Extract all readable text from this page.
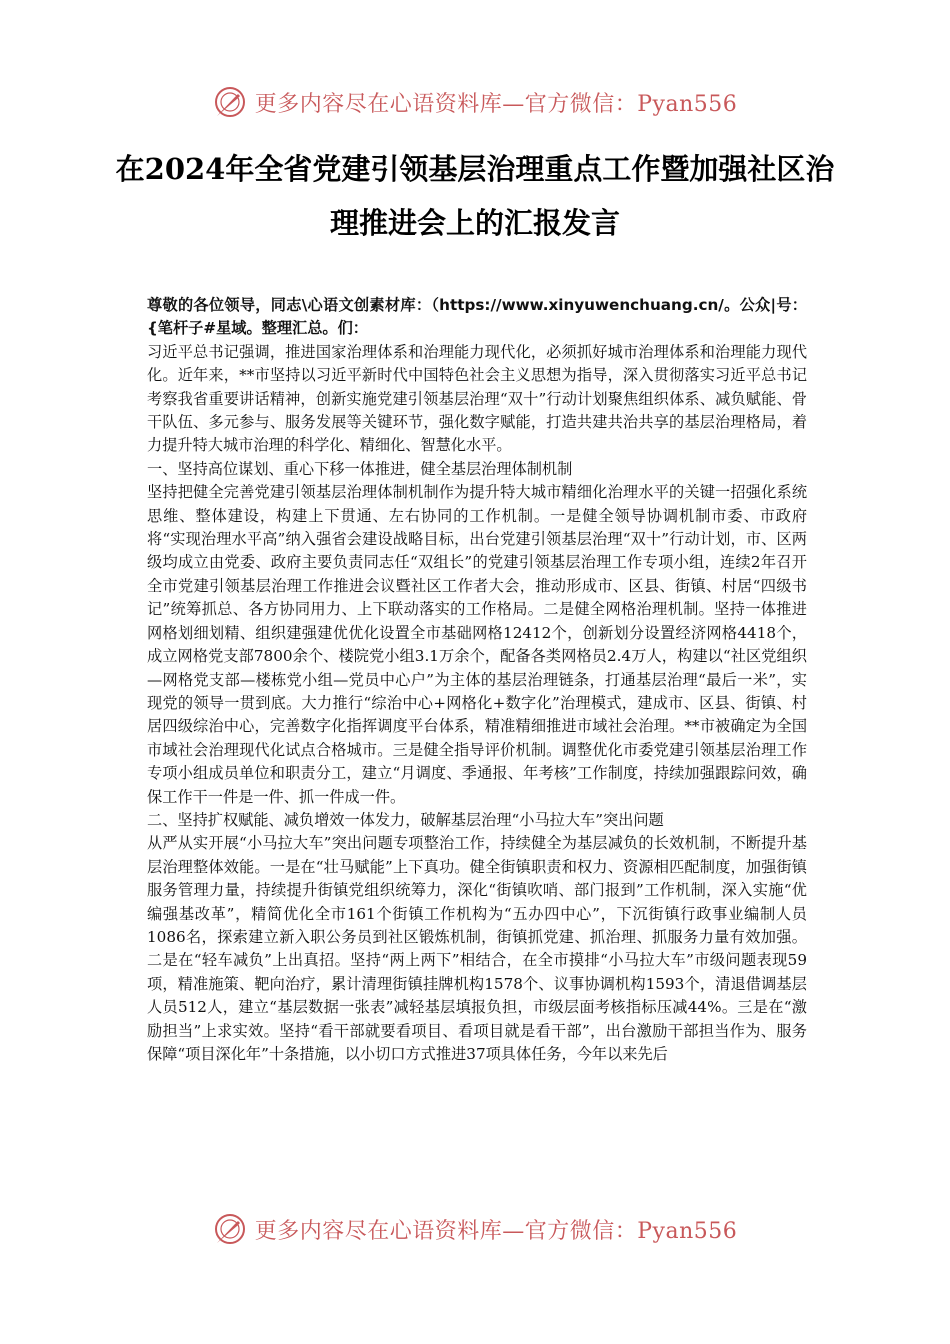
更多内容尽在心语资料库—官方微信：Pyan556
在2024年全省党建引领基层治理重点工作暨加强社区治理推进会上的汇报发言

尊敬的各位领导，同志\心语文创素材库：（https://www.xinyuwenchuang.cn/。公众|号：{笔杆子#星域。整理汇总。们：

习近平总书记强调，推进国家治理体系和治理能力现代化，必须抓好城市治理体系和治理能力现代化。近年来，**市坚持以习近平新时代中国特色社会主义思想为指导，深入贯彻落实习近平总书记考察我省重要讲话精神，创新实施党建引领基层治理“双十”行动计划聚焦组织体系、减负赋能、骨干队伍、多元参与、服务发展等关键环节，强化数字赋能，打造共建共治共享的基层治理格局，着力提升特大城市治理的科学化、精细化、智慧化水平。

一、坚持高位谋划、重心下移一体推进，健全基层治理体制机制

坚持把健全完善党建引领基层治理体制机制作为提升特大城市精细化治理水平的关键一招强化系统思维、整体建设，构建上下贯通、左右协同的工作机制。一是健全领导协调机制市委、市政府将“实现治理水平高”纳入强省会建设战略目标，出台党建引领基层治理“双十”行动计划，市、区两级均成立由党委、政府主要负责同志任“双组长”的党建引领基层治理工作专项小组，连续2年召开全市党建引领基层治理工作推进会议暨社区工作者大会，推动形成市、区县、街镇、村居“四级书记”统筹抓总、各方协同用力、上下联动落实的工作格局。二是健全网格治理机制。坚持一体推进网格划细划精、组织建强建优优化设置全市基础网格12412个，创新划分设置经济网格4418个，成立网格党支部7800余个、楼院党小组3.1万余个，配备各类网格员2.4万人，构建以“社区党组织—网格党支部—楼栋党小组—党员中心户”为主体的基层治理链条，打通基层治理“最后一米”，实现党的领导一贯到底。大力推行“综治中心+网格化+数字化”治理模式，建成市、区县、街镇、村居四级综治中心，完善数字化指挥调度平台体系，精准精细推进市域社会治理。**市被确定为全国市域社会治理现代化试点合格城市。三是健全指导评价机制。调整优化市委党建引领基层治理工作专项小组成员单位和职责分工，建立“月调度、季通报、年考核”工作制度，持续加强跟踪问效，确保工作干一件是一件、抓一件成一件。

二、坚持扩权赋能、减负增效一体发力，破解基层治理“小马拉大车”突出问题

从严从实开展“小马拉大车”突出问题专项整治工作，持续健全为基层减负的长效机制，不断提升基层治理整体效能。一是在“壮马赋能”上下真功。健全街镇职责和权力、资源相匹配制度，加强街镇服务管理力量，持续提升街镇党组织统筹力，深化“街镇吹哨、部门报到”工作机制，深入实施“优编强基改革”，精简优化全市161个街镇工作机构为“五办四中心”，下沉街镇行政事业编制人员1086名，探索建立新入职公务员到社区锻炼机制，街镇抓党建、抓治理、抓服务力量有效加强。二是在“轻车减负”上出真招。坚持“两上两下”相结合，在全市摸排“小马拉大车”市级问题表现59项，精准施策、靶向治疗，累计清理街镇挂牌机构1578个、议事协调机构1593个，清退借调基层人员512人，建立“基层数据一张表”减轻基层填报负担，市级层面考核指标压减44%。三是在“激励担当”上求实效。坚持“看干部就要看项目、看项目就是看干部”，出台激励干部担当作为、服务保障“项目深化年”十条措施，以小切口方式推进37项具体任务，今年以来先后

更多内容尽在心语资料库—官方微信：Pyan556
